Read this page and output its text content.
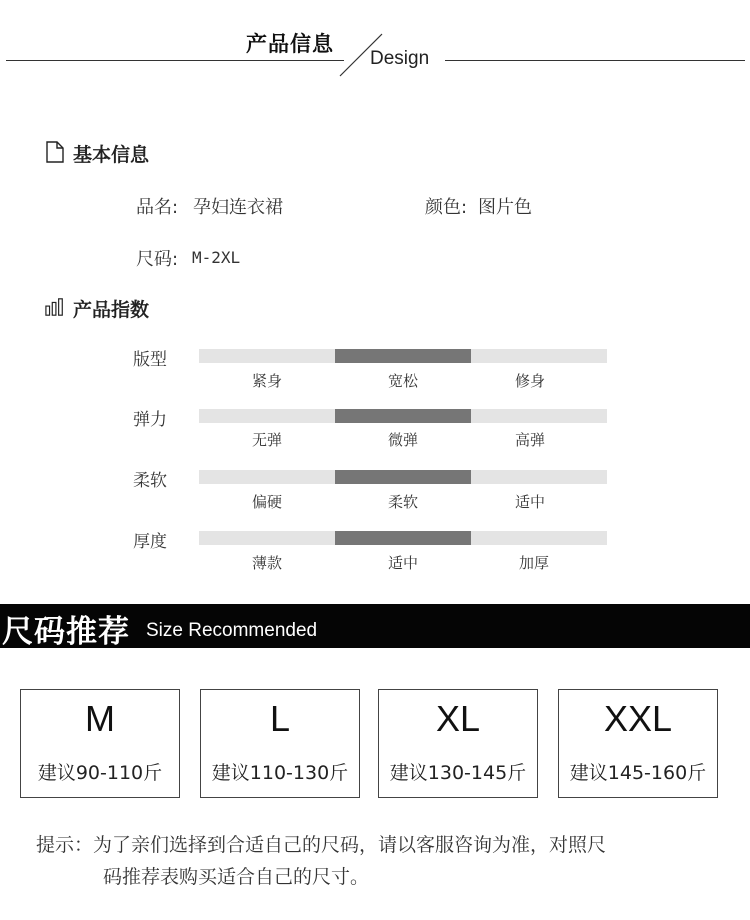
产品信息
Design
基本信息
品名: 孕妇连衣裙	颜色: 图片色
尺码: M-2XL
产品指数
版型
紧身	宽松	修身
弹力
无弹	微弹	高弹
柔软
偏硬	柔软	适中
厚度
薄款	适中	加厚
尺码推荐 Size Recommended
M
建议90-110斤
L
建议110-130斤
XL
建议130-145斤
XXL
建议145-160斤
提示：为了亲们选择到合适自己的尺码，请以客服咨询为准，对照尺
码推荐表购买适合自己的尺寸。
